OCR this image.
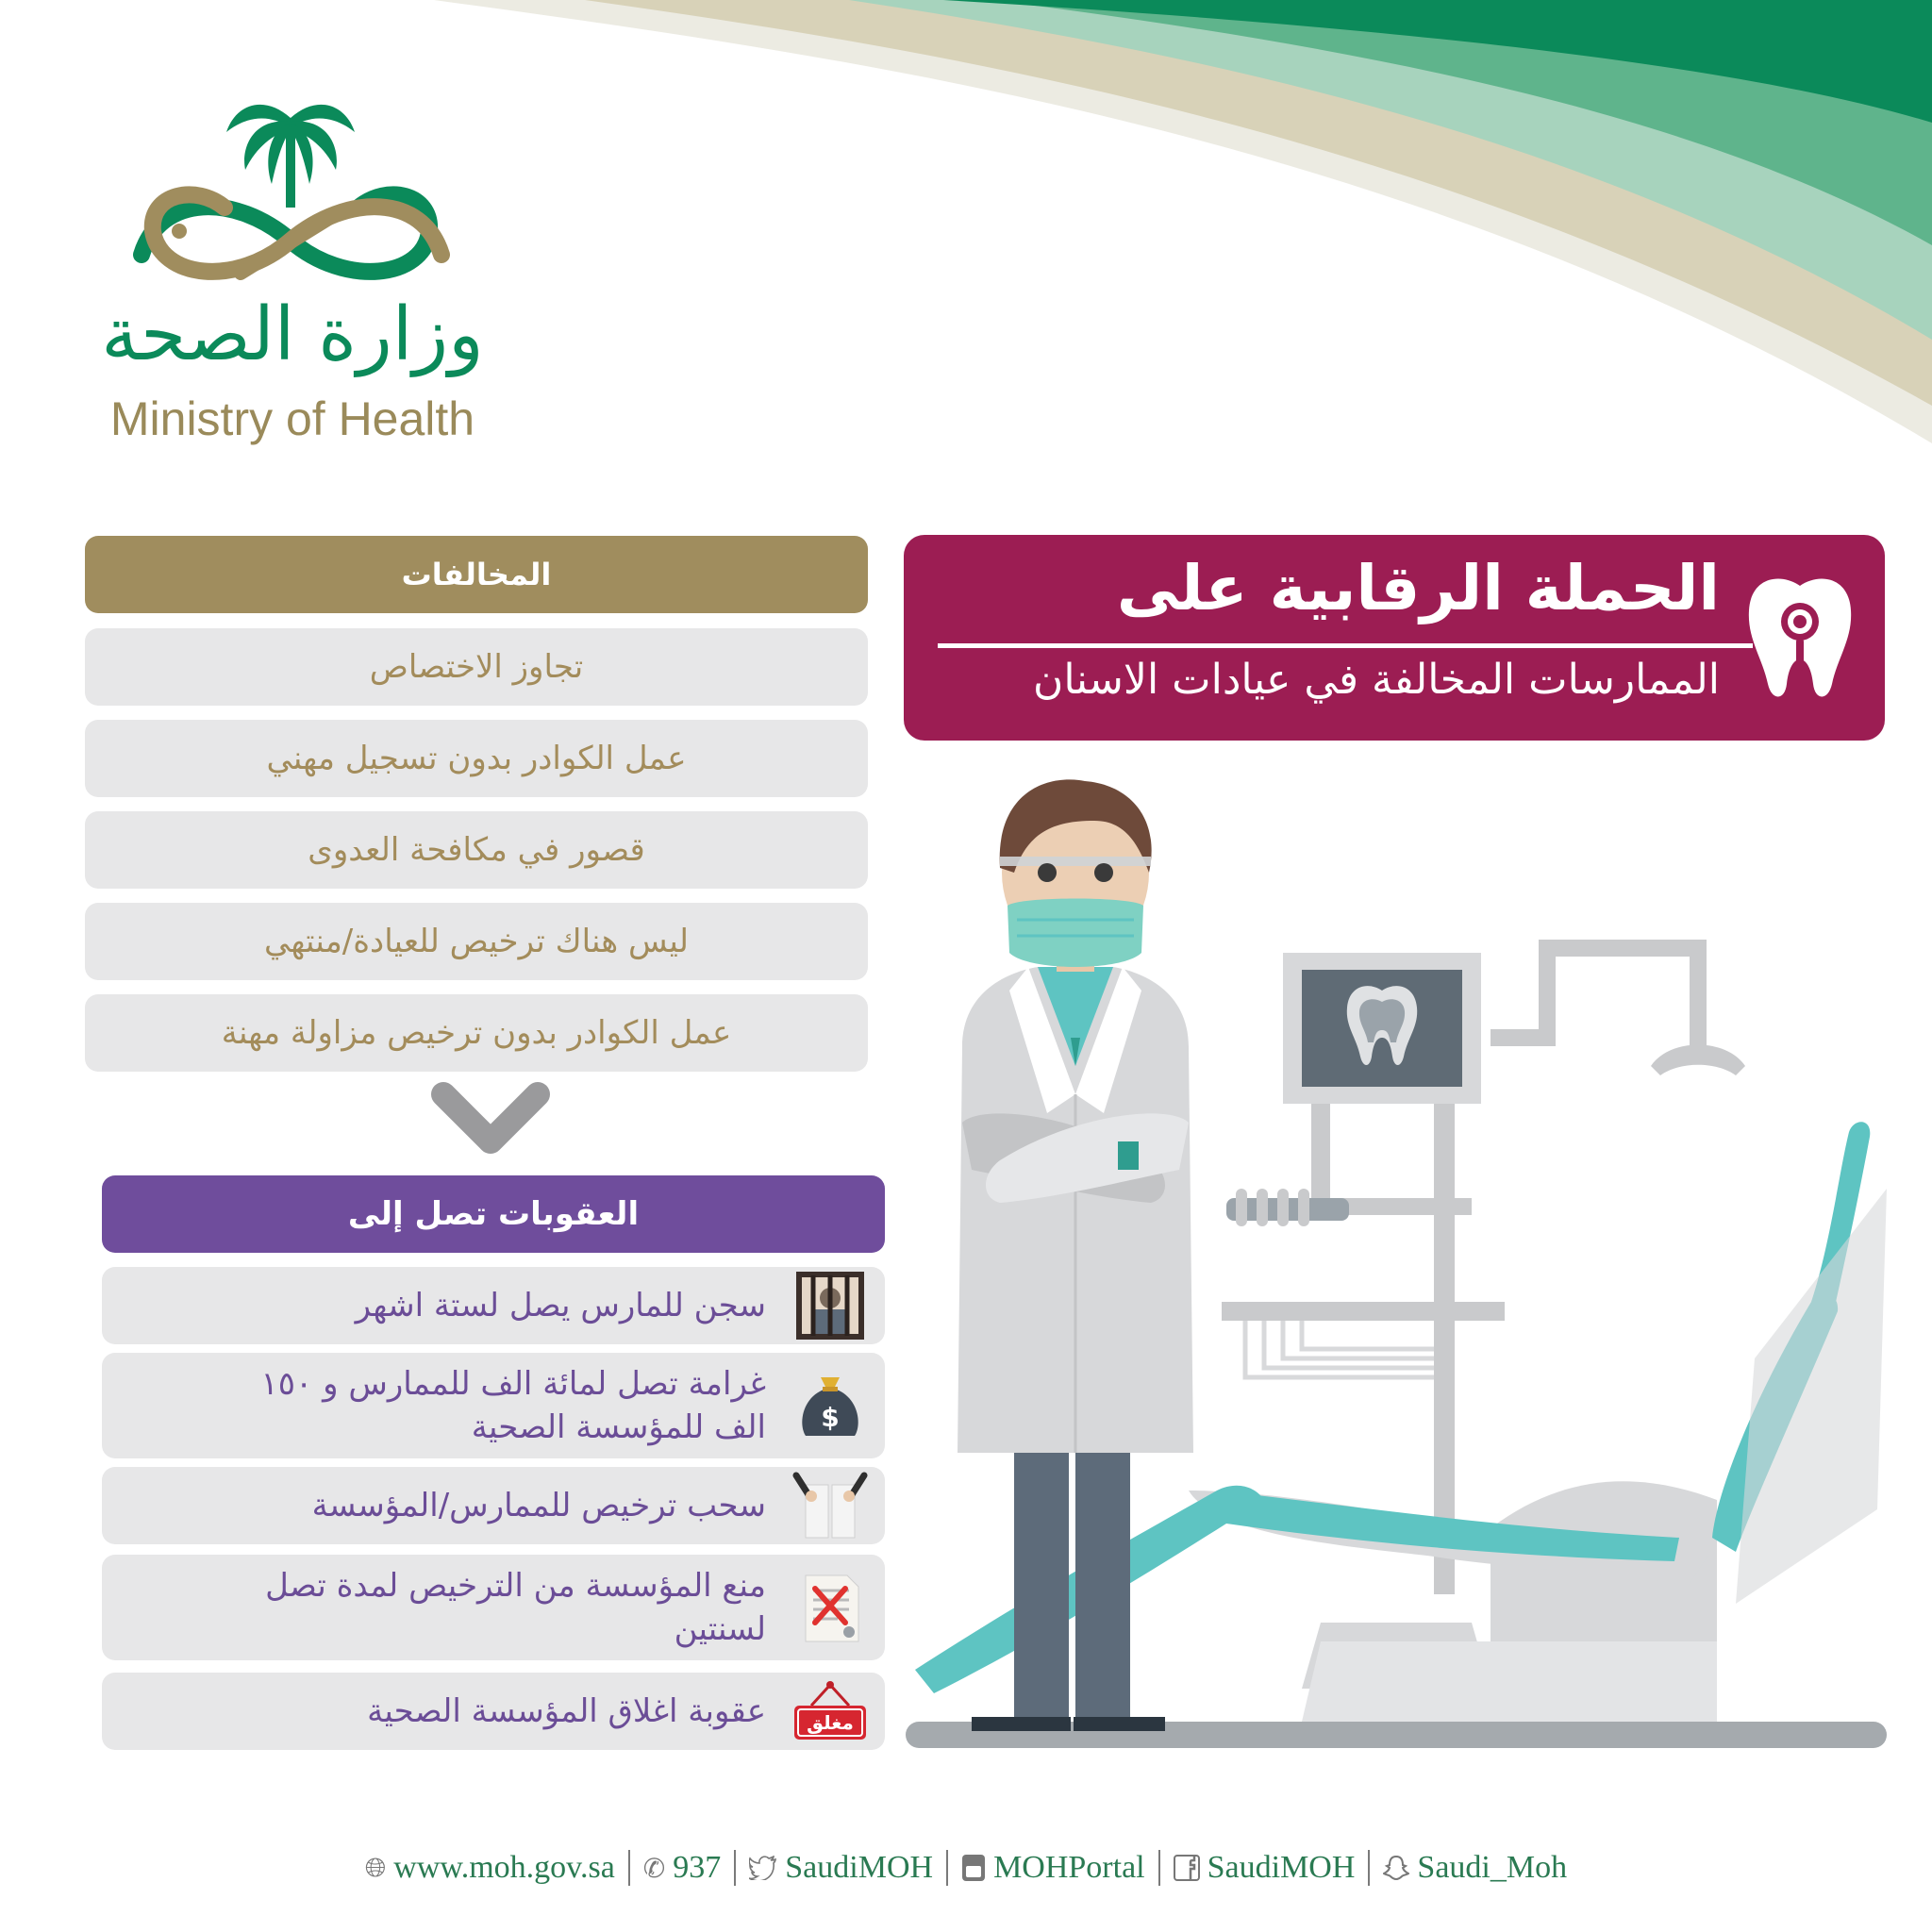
وزارة الصحة
Ministry of Health
المخالفات
تجاوز الاختصاص
عمل الكوادر بدون تسجيل مهني
قصور في مكافحة العدوى
ليس هناك ترخيص للعيادة/منتهي
عمل الكوادر بدون ترخيص مزاولة مهنة
العقوبات تصل إلى
سجن للمارس يصل لستة اشهر
$
غرامة تصل لمائة الف للممارس و ١٥٠ الف للمؤسسة الصحية
سحب ترخيص للممارس/المؤسسة
منع المؤسسة من الترخيص لمدة تصل لسنتين
مغلق
عقوبة اغلاق المؤسسة الصحية
الحملة الرقابية على
الممارسات المخالفة في عيادات الاسنان
🌐︎ www.moh.gov.sa ✆ 937 SaudiMOH MOHPortal SaudiMOH Saudi_Moh
